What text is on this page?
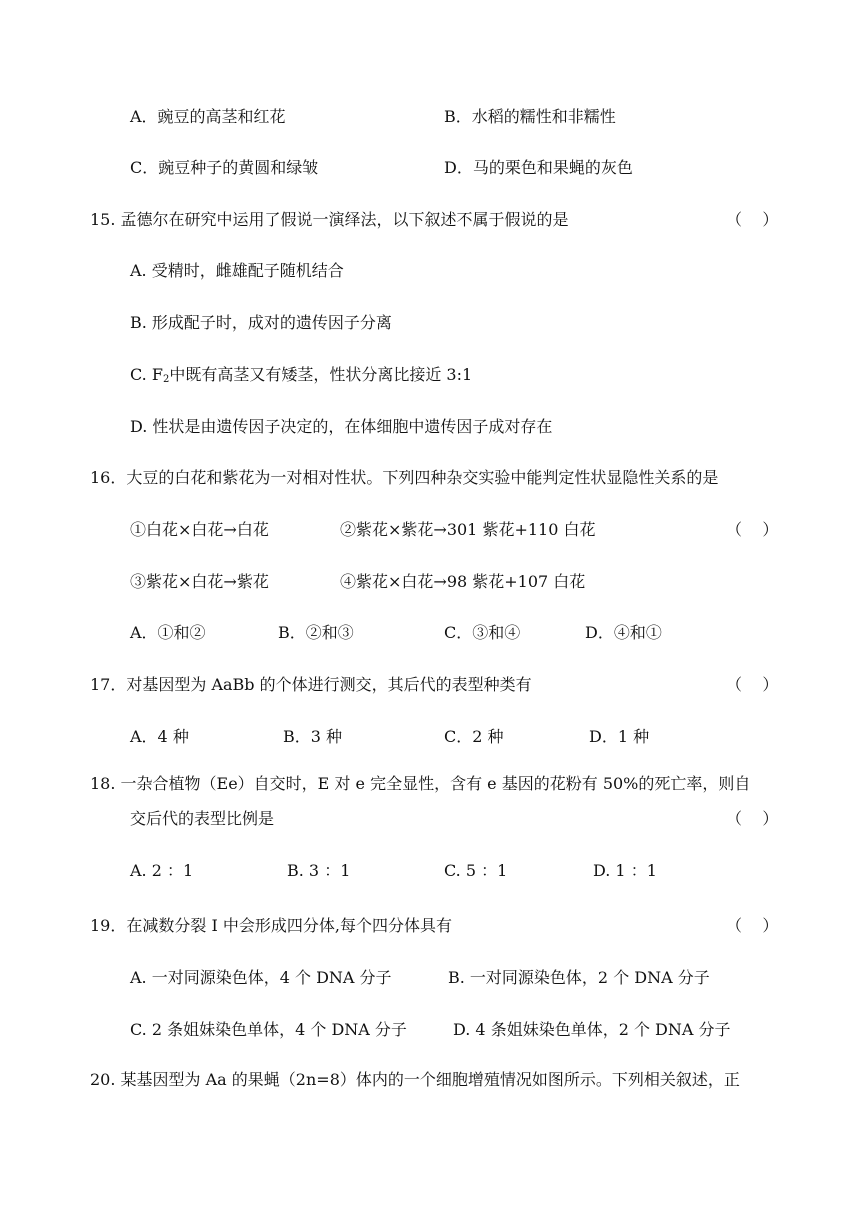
A．豌豆的高茎和红花	B．水稻的糯性和非糯性
C．豌豆种子的黄圆和绿皱	D．马的栗色和果蝇的灰色
15. 孟德尔在研究中运用了假说一演绎法，以下叙述不属于假说的是	（    ）
A. 受精时，雌雄配子随机结合
B. 形成配子时，成对的遗传因子分离
C. $F_2$中既有高茎又有矮茎，性状分离比接近 3:1
D. 性状是由遗传因子决定的，在体细胞中遗传因子成对存在
16．大豆的白花和紫花为一对相对性状。下列四种杂交实验中能判定性状显隐性关系的是
①白花×白花→白花	②紫花×紫花→301 紫花+110 白花	（    ）
③紫花×白花→紫花	④紫花×白花→98 紫花+107 白花
A．①和②	B．②和③	C．③和④	D．④和①
17．对基因型为 AaBb 的个体进行测交，其后代的表型种类有	（    ）
A．4 种	B．3 种	C．2 种	D．1 种
18. 一杂合植物（Ee）自交时，E 对 e 完全显性，含有 e 基因的花粉有 50%的死亡率，则自
交后代的表型比例是	（    ）
A. 2 ：1	B. 3 ：1	C. 5 ：1	D. 1 ：1
19．在减数分裂 I 中会形成四分体,每个四分体具有	（    ）
A. 一对同源染色体，4 个 DNA 分子	B. 一对同源染色体，2 个 DNA 分子
C. 2 条姐妹染色单体，4 个 DNA 分子	D. 4 条姐妹染色单体，2 个 DNA 分子
20. 某基因型为 Aa 的果蝇（2n=8）体内的一个细胞增殖情况如图所示。下列相关叙述，正
